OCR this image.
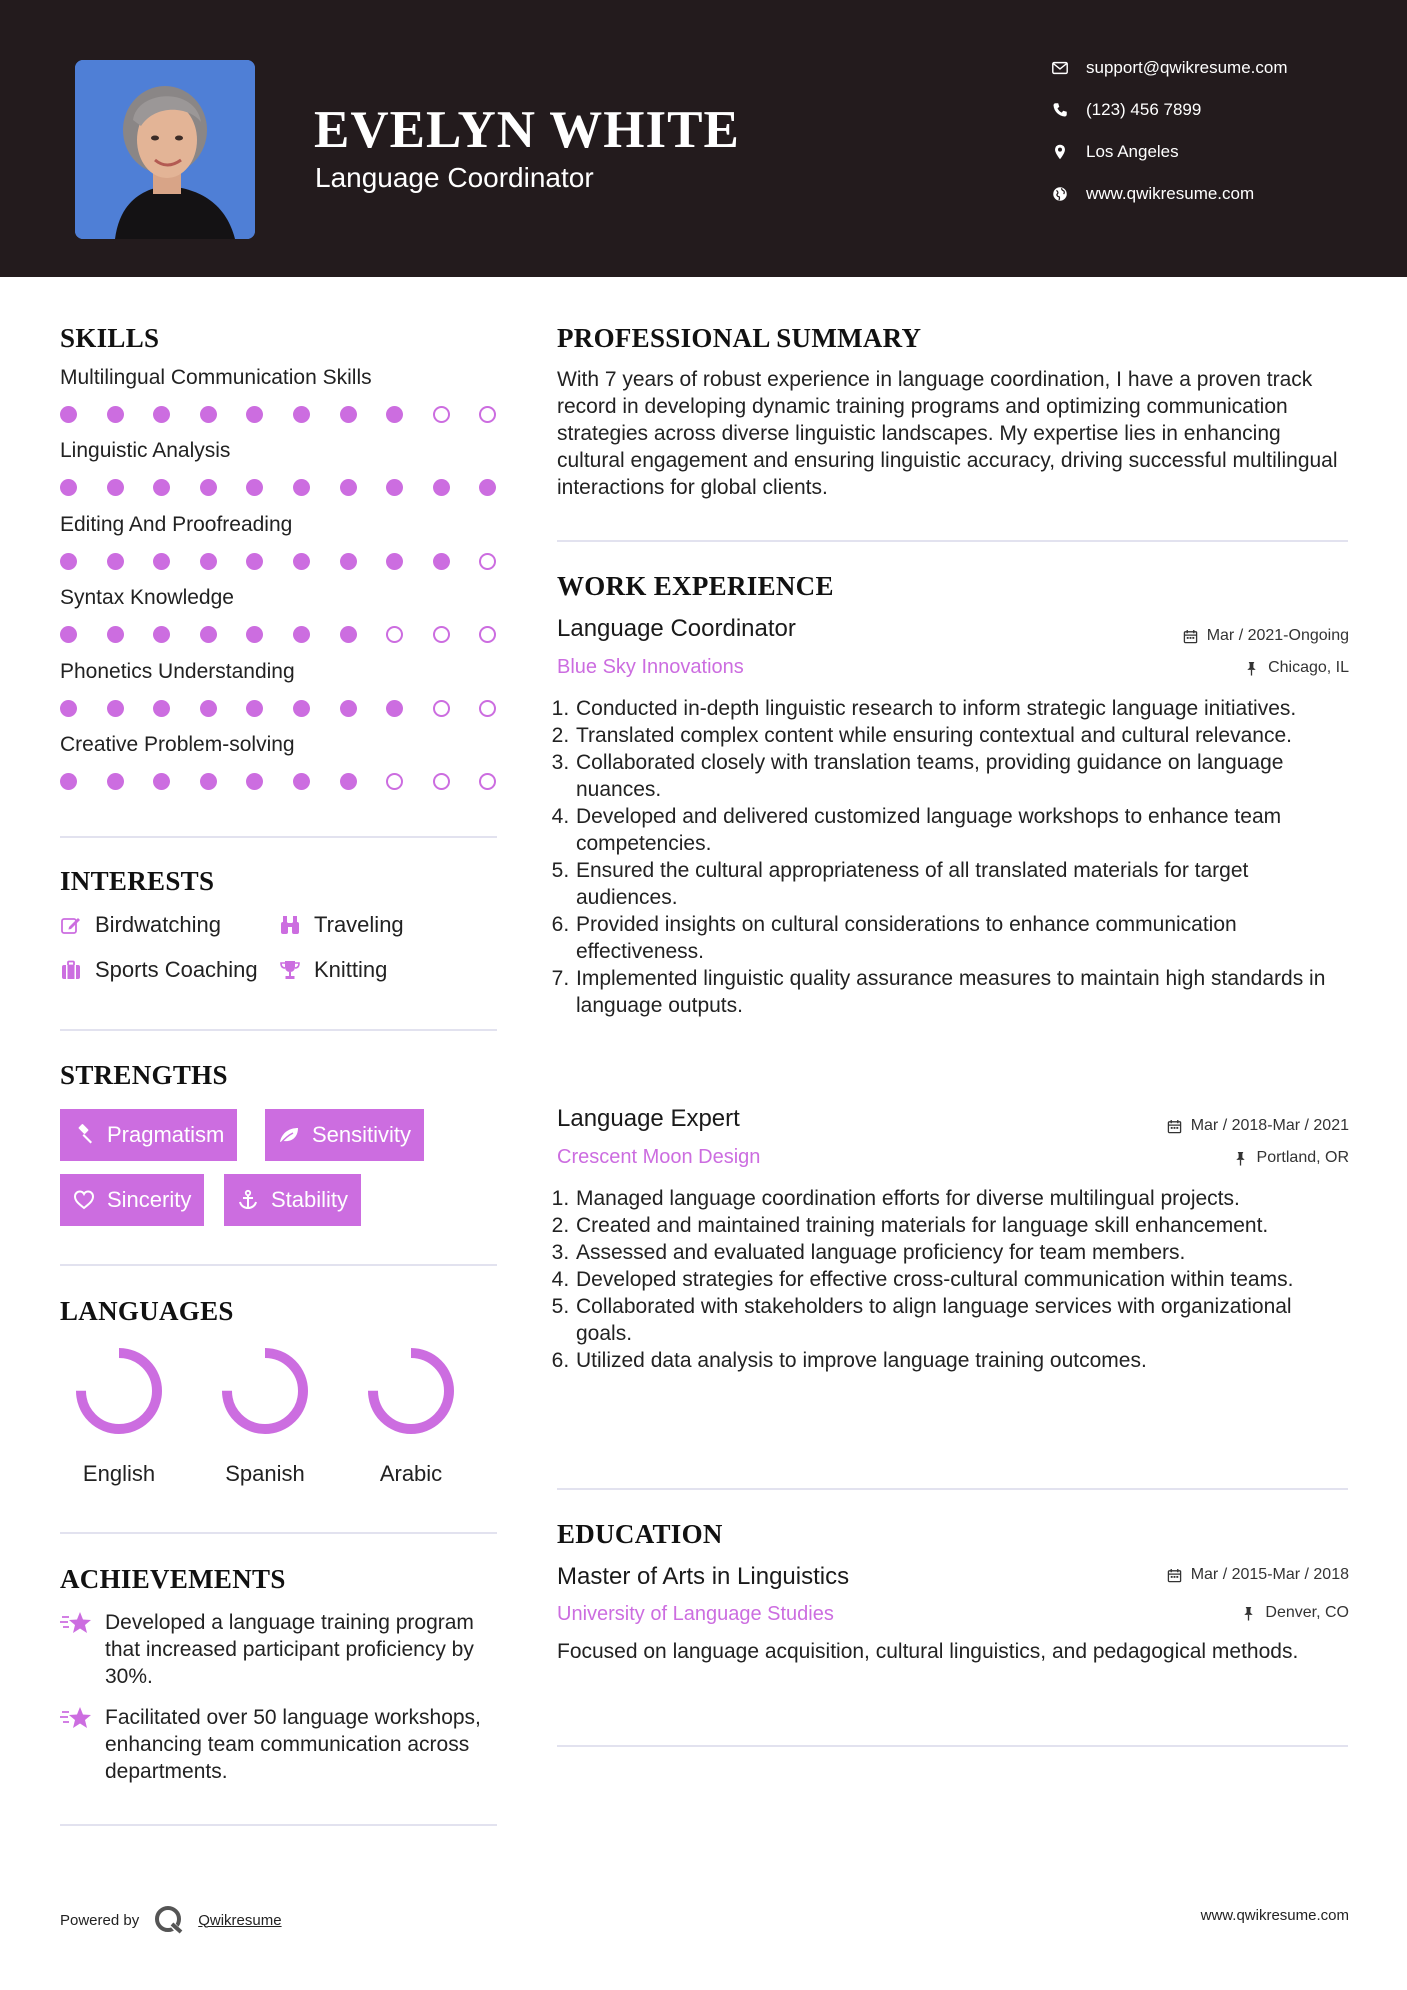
EVELYN WHITE
Language Coordinator
support@qwikresume.com
(123) 456 7899
Los Angeles
www.qwikresume.com
SKILLS
Multilingual Communication Skills
Linguistic Analysis
Editing And Proofreading
Syntax Knowledge
Phonetics Understanding
Creative Problem-solving
INTERESTS
Birdwatching	Traveling
Sports Coaching	Knitting
STRENGTHS
Pragmatism	Sensitivity
Sincerity	Stability
LANGUAGES
English	Spanish	Arabic
ACHIEVEMENTS
Developed a language training program that increased participant proficiency by 30%.
Facilitated over 50 language workshops, enhancing team communication across departments.
PROFESSIONAL SUMMARY
With 7 years of robust experience in language coordination, I have a proven track record in developing dynamic training programs and optimizing communication strategies across diverse linguistic landscapes. My expertise lies in enhancing cultural engagement and ensuring linguistic accuracy, driving successful multilingual interactions for global clients.
WORK EXPERIENCE
Language Coordinator
Blue Sky Innovations
Mar / 2021-Ongoing
Chicago, IL
1. Conducted in-depth linguistic research to inform strategic language initiatives.
2. Translated complex content while ensuring contextual and cultural relevance.
3. Collaborated closely with translation teams, providing guidance on language nuances.
4. Developed and delivered customized language workshops to enhance team competencies.
5. Ensured the cultural appropriateness of all translated materials for target audiences.
6. Provided insights on cultural considerations to enhance communication effectiveness.
7. Implemented linguistic quality assurance measures to maintain high standards in language outputs.
Language Expert
Crescent Moon Design
Mar / 2018-Mar / 2021
Portland, OR
1. Managed language coordination efforts for diverse multilingual projects.
2. Created and maintained training materials for language skill enhancement.
3. Assessed and evaluated language proficiency for team members.
4. Developed strategies for effective cross-cultural communication within teams.
5. Collaborated with stakeholders to align language services with organizational goals.
6. Utilized data analysis to improve language training outcomes.
EDUCATION
Master of Arts in Linguistics
University of Language Studies
Mar / 2015-Mar / 2018
Denver, CO
Focused on language acquisition, cultural linguistics, and pedagogical methods.
Powered by	Qwikresume	www.qwikresume.com
